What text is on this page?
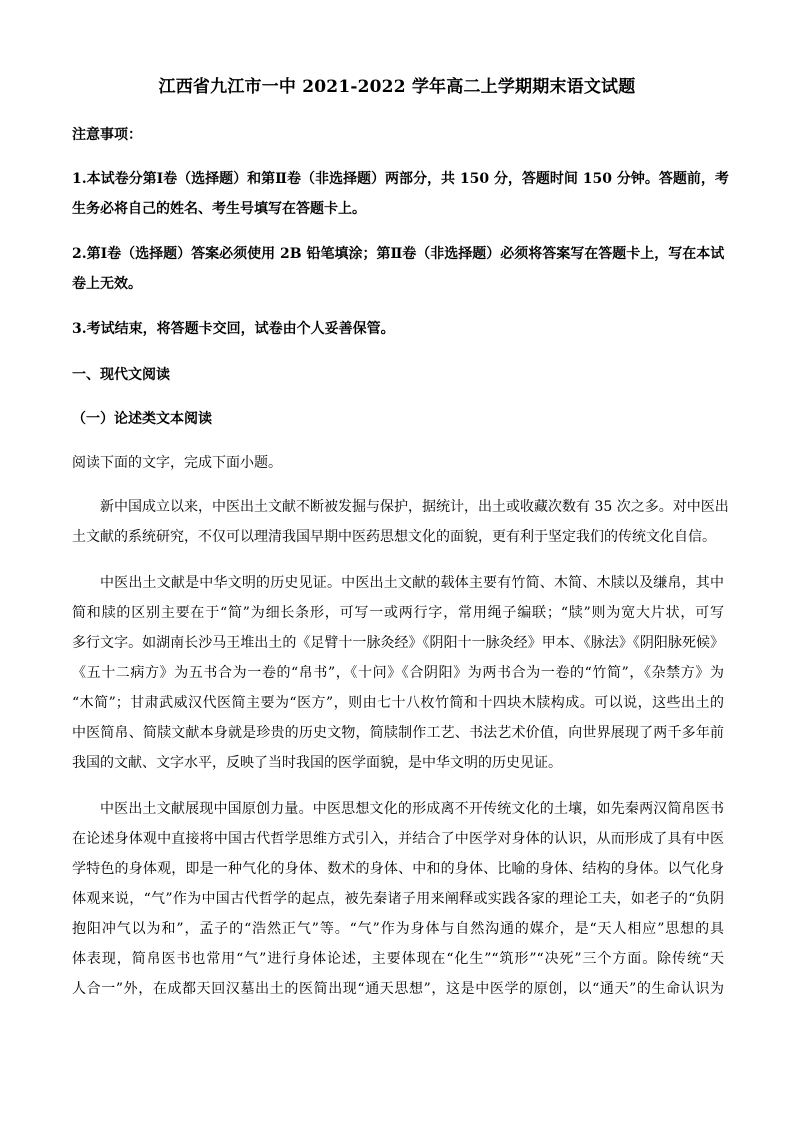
江西省九江市一中 2021-2022 学年高二上学期期末语文试题
注意事项：
1.本试卷分第Ⅰ卷（选择题）和第Ⅱ卷（非选择题）两部分，共 150 分，答题时间 150 分钟。答题前，考
生务必将自己的姓名、考生号填写在答题卡上。
2.第Ⅰ卷（选择题）答案必须使用 2B 铅笔填涂；第Ⅱ卷（非选择题）必须将答案写在答题卡上，写在本试
卷上无效。
3.考试结束，将答题卡交回，试卷由个人妥善保管。
一、现代文阅读
（一）论述类文本阅读
阅读下面的文字，完成下面小题。
新中国成立以来，中医出土文献不断被发掘与保护，据统计，出土或收藏次数有 35 次之多。对中医出
土文献的系统研究，不仅可以理清我国早期中医药思想文化的面貌，更有利于坚定我们的传统文化自信。
中医出土文献是中华文明的历史见证。中医出土文献的载体主要有竹简、木简、木牍以及缣帛，其中
简和牍的区别主要在于“简”为细长条形，可写一或两行字，常用绳子编联；“牍”则为宽大片状，可写
多行文字。如湖南长沙马王堆出土的《足臂十一脉灸经》《阴阳十一脉灸经》甲本、《脉法》《阴阳脉死候》
《五十二病方》为五书合为一卷的“帛书”，《十问》《合阴阳》为两书合为一卷的“竹简”，《杂禁方》为
“木简”；甘肃武威汉代医简主要为“医方”，则由七十八枚竹简和十四块木牍构成。可以说，这些出土的
中医简帛、简牍文献本身就是珍贵的历史文物，简牍制作工艺、书法艺术价值，向世界展现了两千多年前
我国的文献、文字水平，反映了当时我国的医学面貌，是中华文明的历史见证。
中医出土文献展现中国原创力量。中医思想文化的形成离不开传统文化的土壤，如先秦两汉简帛医书
在论述身体观中直接将中国古代哲学思维方式引入，并结合了中医学对身体的认识，从而形成了具有中医
学特色的身体观，即是一种气化的身体、数术的身体、中和的身体、比喻的身体、结构的身体。以气化身
体观来说，“气”作为中国古代哲学的起点，被先秦诸子用来阐释或实践各家的理论工夫，如老子的“负阴
抱阳冲气以为和”，孟子的“浩然正气”等。“气”作为身体与自然沟通的媒介，是“天人相应”思想的具
体表现，简帛医书也常用“气”进行身体论述，主要体现在“化生”“筑形”“决死”三个方面。除传统“天
人合一”外，在成都天回汉墓出土的医简出现“通天思想”，这是中医学的原创，以“通天”的生命认识为
